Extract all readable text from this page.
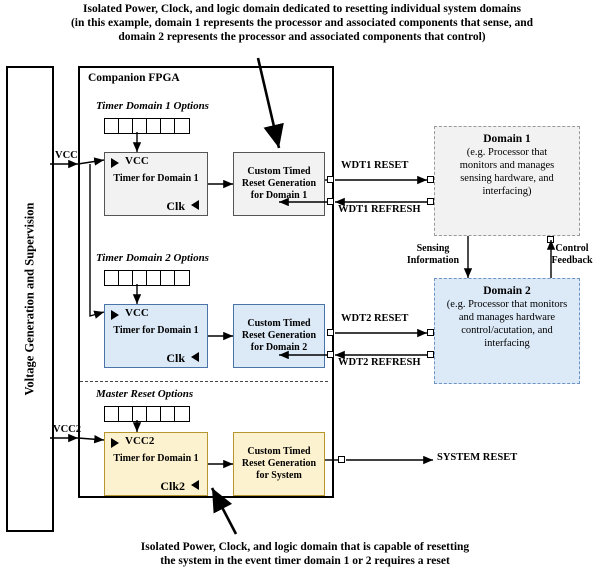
Isolated Power, Clock, and logic domain dedicated to resetting individual system domains
(in this example, domain 1 represents the processor and associated components that sense, and
domain 2 represents the processor and associated components that control)
Voltage Generation and Supervision
Companion FPGA
Timer Domain 1 Options
VCC
Timer for Domain 1
Clk
Custom Timed
Reset Generation
for Domain 1
Timer Domain 2 Options
VCC
Timer for Domain 1
Clk
Custom Timed
Reset Generation
for Domain 2
Master Reset Options
VCC2
Timer for Domain 1
Clk2
Custom Timed
Reset Generation
for System
Domain 1
(e.g. Processor that
monitors and manages
sensing hardware, and
interfacing)
Domain 2
(e.g. Processor that monitors
and manages hardware
control/acutation, and
interfacing
VCC
VCC2
WDT1 RESET
WDT1 REFRESH
WDT2 RESET
WDT2 REFRESH
SYSTEM RESET
Sensing
Information
Control
Feedback
Isolated Power, Clock, and logic domain that is capable of resetting
the system in the event timer domain 1 or 2 requires a reset
